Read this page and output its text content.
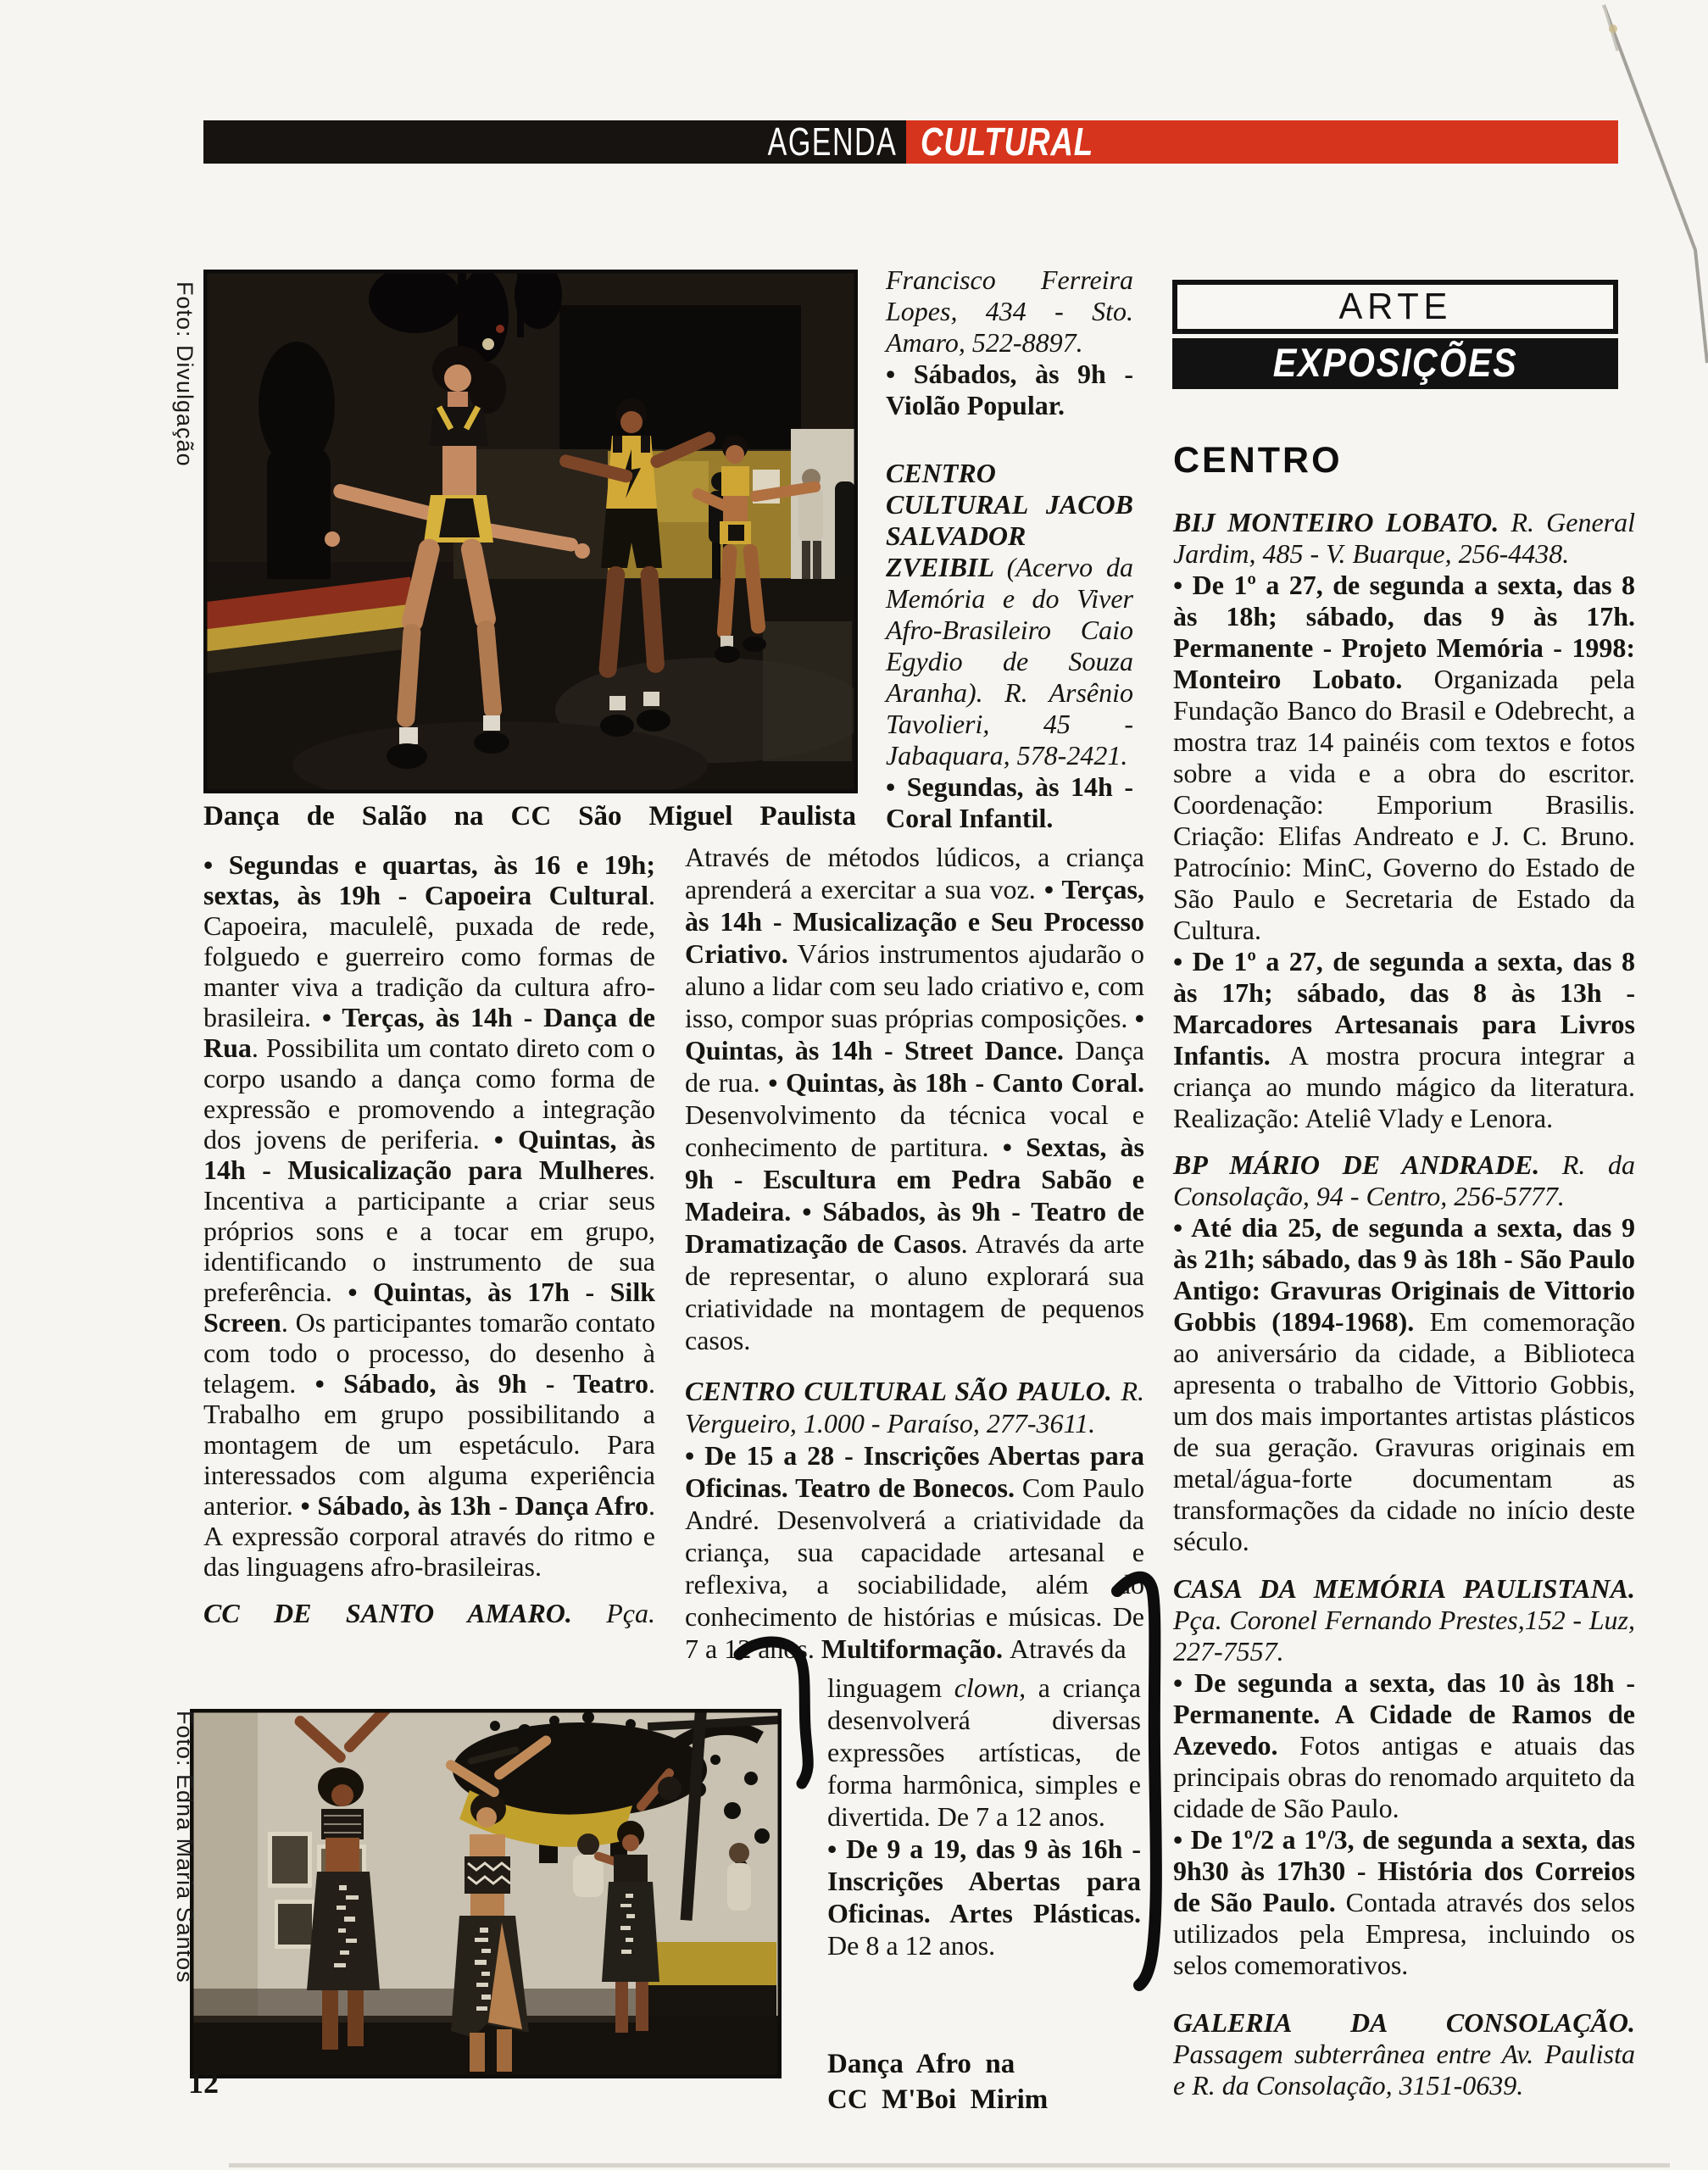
AGENDA CULTURAL
Foto: Divulgação
Dança de Salão na CC São Miguel Paulista
• Segundas e quartas, às 16 e 19h; sextas, às 19h - Capoeira Cultural. Capoeira, maculelê, puxada de rede, folguedo e guerreiro como formas de manter viva a tradição da cultura afro-brasileira. • Terças, às 14h - Dança de Rua. Possibilita um contato direto com o corpo usando a dança como forma de expressão e promovendo a integração dos jovens de periferia. • Quintas, às 14h - Musicalização para Mulheres. Incentiva a participante a criar seus próprios sons e a tocar em grupo, identificando o instrumento de sua preferência. • Quintas, às 17h - Silk Screen. Os participantes tomarão contato com todo o processo, do desenho à telagem. • Sábado, às 9h - Teatro. Trabalho em grupo possibilitando a montagem de um espetáculo. Para interessados com alguma experiência anterior. • Sábado, às 13h - Dança Afro. A expressão corporal através do ritmo e das linguagens afro-brasileiras.
CC DE SANTO AMARO. Pça.
Francisco Ferreira Lopes, 434 - Sto. Amaro, 522-8897.
• Sábados, às 9h - Violão Popular.
CENTRO CULTURAL JACOB SALVADOR ZVEIBIL (Acervo da Memória e do Viver Afro-Brasileiro Caio Egydio de Souza Aranha). R. Arsênio Tavolieri, 45 - Jabaquara, 578-2421.
• Segundas, às 14h - Coral Infantil.
Através de métodos lúdicos, a criança aprenderá a exercitar a sua voz. • Terças, às 14h - Musicalização e Seu Processo Criativo. Vários instrumentos ajudarão o aluno a lidar com seu lado criativo e, com isso, compor suas próprias composições. • Quintas, às 14h - Street Dance. Dança de rua. • Quintas, às 18h - Canto Coral. Desenvolvimento da técnica vocal e conhecimento de partitura. • Sextas, às 9h - Escultura em Pedra Sabão e Madeira. • Sábados, às 9h - Teatro de Dramatização de Casos. Através da arte de representar, o aluno explorará sua criatividade na montagem de pequenos casos.
CENTRO CULTURAL SÃO PAULO. R. Vergueiro, 1.000 - Paraíso, 277-3611.
• De 15 a 28 - Inscrições Abertas para Oficinas. Teatro de Bonecos. Com Paulo André. Desenvolverá a criatividade da criança, sua capacidade artesanal e reflexiva, a sociabilidade, além do conhecimento de histórias e músicas. De 7 a 12 anos. Multiformação. Através da
linguagem clown, a criança desenvolverá diversas expressões artísticas, de forma harmônica, simples e divertida. De 7 a 12 anos.
• De 9 a 19, das 9 às 16h - Inscrições Abertas para Oficinas. Artes Plásticas. De 8 a 12 anos.
Foto: Edna Maria Santos
Dança Afro na
CC M'Boi Mirim
ARTE
EXPOSIÇÕES
CENTRO
BIJ MONTEIRO LOBATO. R. General Jardim, 485 - V. Buarque, 256-4438.
• De 1º a 27, de segunda a sexta, das 8 às 18h; sábado, das 9 às 17h. Permanente - Projeto Memória - 1998: Monteiro Lobato. Organizada pela Fundação Banco do Brasil e Odebrecht, a mostra traz 14 painéis com textos e fotos sobre a vida e a obra do escritor. Coordenação: Emporium Brasilis. Criação: Elifas Andreato e J. C. Bruno. Patrocínio: MinC, Governo do Estado de São Paulo e Secretaria de Estado da Cultura.
• De 1º a 27, de segunda a sexta, das 8 às 17h; sábado, das 8 às 13h - Marcadores Artesanais para Livros Infantis. A mostra procura integrar a criança ao mundo mágico da literatura. Realização: Ateliê Vlady e Lenora.
BP MÁRIO DE ANDRADE. R. da Consolação, 94 - Centro, 256-5777.
• Até dia 25, de segunda a sexta, das 9 às 21h; sábado, das 9 às 18h - São Paulo Antigo: Gravuras Originais de Vittorio Gobbis (1894-1968). Em comemoração ao aniversário da cidade, a Biblioteca apresenta o trabalho de Vittorio Gobbis, um dos mais importantes artistas plásticos de sua geração. Gravuras originais em metal/água-forte documentam as transformações da cidade no início deste século.
CASA DA MEMÓRIA PAULISTANA. Pça. Coronel Fernando Prestes,152 - Luz, 227-7557.
• De segunda a sexta, das 10 às 18h - Permanente. A Cidade de Ramos de Azevedo. Fotos antigas e atuais das principais obras do renomado arquiteto da cidade de São Paulo.
• De 1º/2 a 1º/3, de segunda a sexta, das 9h30 às 17h30 - História dos Correios de São Paulo. Contada através dos selos utilizados pela Empresa, incluindo os selos comemorativos.
GALERIA DA CONSOLAÇÃO. Passagem subterrânea entre Av. Paulista e R. da Consolação, 3151-0639.
12
